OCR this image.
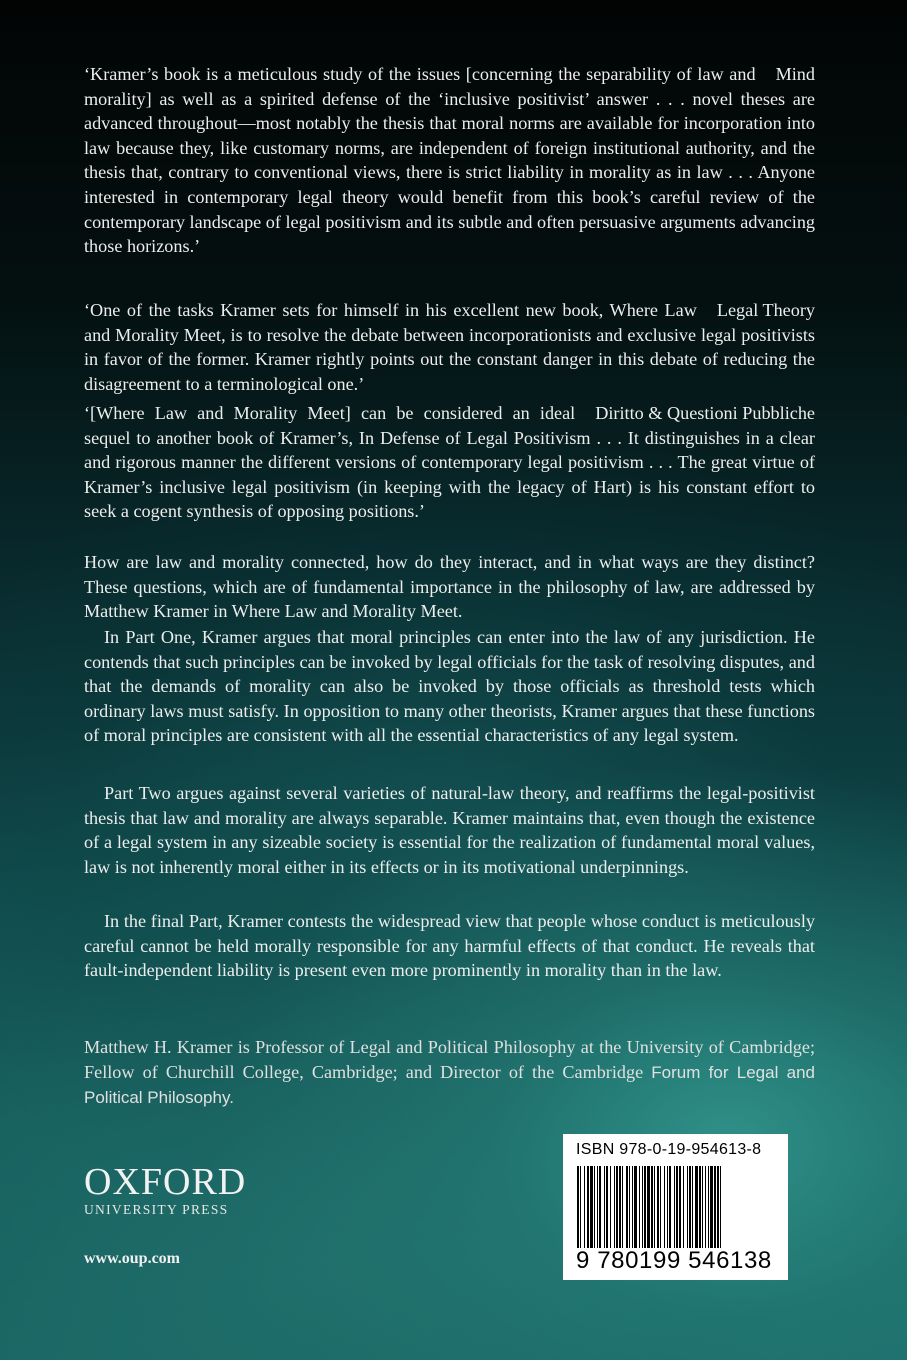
Mind
‘Kramer’s book is a meticulous study of the issues [concerning the separability of law and morality] as well as a spirited defense of the ‘inclusive positivist’ answer . . . novel theses are advanced throughout—most notably the thesis that moral norms are available for incorporation into law because they, like customary norms, are independent of foreign institutional authority, and the thesis that, contrary to conventional views, there is strict liability in morality as in law . . . Anyone interested in contemporary legal theory would benefit from this book’s careful review of the contemporary landscape of legal positivism and its subtle and often persuasive arguments advancing those horizons.’

Legal Theory
‘One of the tasks Kramer sets for himself in his excellent new book, Where Law and Morality Meet, is to resolve the debate between incorporationists and exclusive legal positivists in favor of the former. Kramer rightly points out the constant danger in this debate of reducing the disagreement to a terminological one.’

Diritto & Questioni Pubbliche
‘[Where Law and Morality Meet] can be considered an ideal sequel to another book of Kramer’s, In Defense of Legal Positivism . . . It distinguishes in a clear and rigorous manner the different versions of contemporary legal positivism . . . The great virtue of Kramer’s inclusive legal positivism (in keeping with the legacy of Hart) is his constant effort to seek a cogent synthesis of opposing positions.’

How are law and morality connected, how do they interact, and in what ways are they distinct? These questions, which are of fundamental importance in the philosophy of law, are addressed by Matthew Kramer in Where Law and Morality Meet.

In Part One, Kramer argues that moral principles can enter into the law of any jurisdiction. He contends that such principles can be invoked by legal officials for the task of resolving disputes, and that the demands of morality can also be invoked by those officials as threshold tests which ordinary laws must satisfy. In opposition to many other theorists, Kramer argues that these functions of moral principles are consistent with all the essential characteristics of any legal system.

Part Two argues against several varieties of natural-law theory, and reaffirms the legal-positivist thesis that law and morality are always separable. Kramer maintains that, even though the existence of a legal system in any sizeable society is essential for the realization of fundamental moral values, law is not inherently moral either in its effects or in its motivational underpinnings.

In the final Part, Kramer contests the widespread view that people whose conduct is meticulously careful cannot be held morally responsible for any harmful effects of that conduct. He reveals that fault-independent liability is present even more prominently in morality than in the law.

Matthew H. Kramer is Professor of Legal and Political Philosophy at the University of Cambridge; Fellow of Churchill College, Cambridge; and Director of the Cambridge Forum for Legal and Political Philosophy.

OXFORD
UNIVERSITY PRESS
www.oup.com
ISBN 978-0-19-954613-8
9 780199 546138
